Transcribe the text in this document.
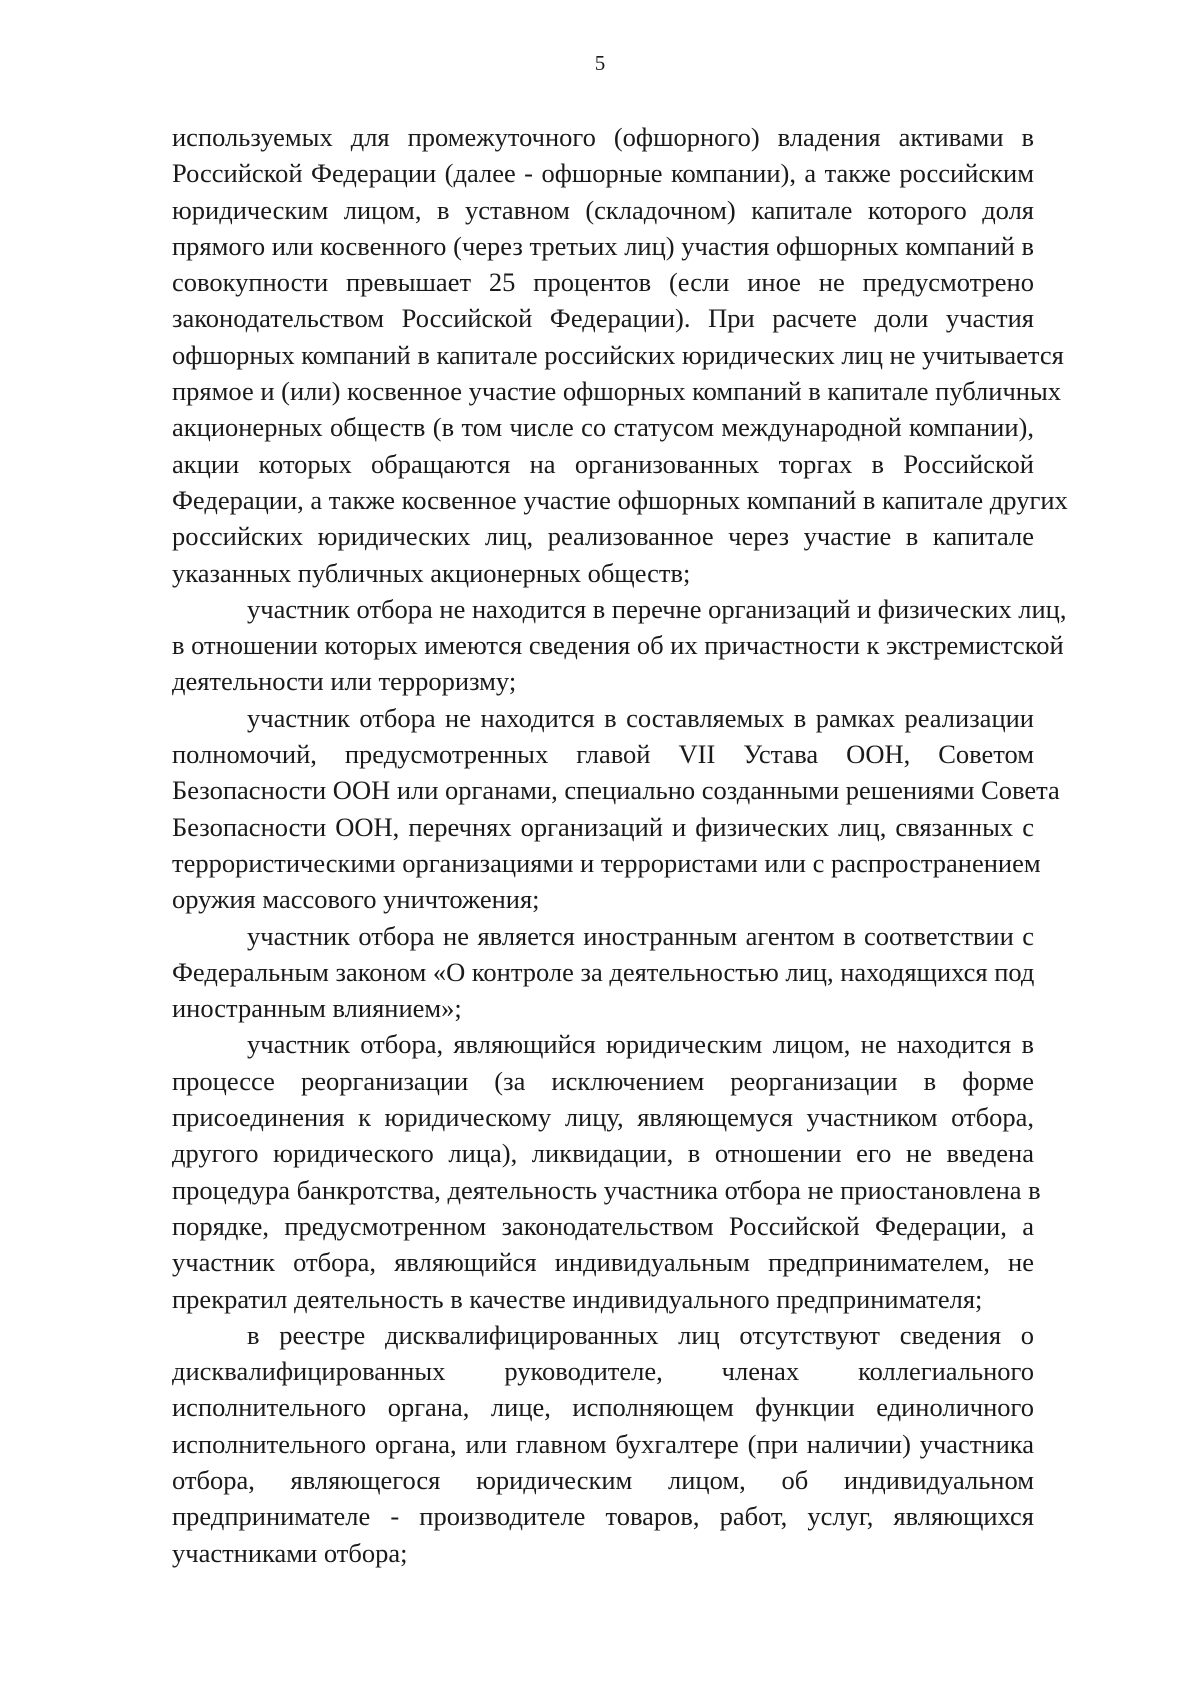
5
используемых для промежуточного (офшорного) владения активами в
Российской Федерации (далее - офшорные компании), а также российским
юридическим лицом, в уставном (складочном) капитале которого доля
прямого или косвенного (через третьих лиц) участия офшорных компаний в
совокупности превышает 25 процентов (если иное не предусмотрено
законодательством Российской Федерации). При расчете доли участия
офшорных компаний в капитале российских юридических лиц не учитывается
прямое и (или) косвенное участие офшорных компаний в капитале публичных
акционерных обществ (в том числе со статусом международной компании),
акции которых обращаются на организованных торгах в Российской
Федерации, а также косвенное участие офшорных компаний в капитале других
российских юридических лиц, реализованное через участие в капитале
указанных публичных акционерных обществ;
участник отбора не находится в перечне организаций и физических лиц,
в отношении которых имеются сведения об их причастности к экстремистской
деятельности или терроризму;
участник отбора не находится в составляемых в рамках реализации
полномочий, предусмотренных главой VII Устава ООН, Советом
Безопасности ООН или органами, специально созданными решениями Совета
Безопасности ООН, перечнях организаций и физических лиц, связанных с
террористическими организациями и террористами или с распространением
оружия массового уничтожения;
участник отбора не является иностранным агентом в соответствии с
Федеральным законом «О контроле за деятельностью лиц, находящихся под
иностранным влиянием»;
участник отбора, являющийся юридическим лицом, не находится в
процессе реорганизации (за исключением реорганизации в форме
присоединения к юридическому лицу, являющемуся участником отбора,
другого юридического лица), ликвидации, в отношении его не введена
процедура банкротства, деятельность участника отбора не приостановлена в
порядке, предусмотренном законодательством Российской Федерации, а
участник отбора, являющийся индивидуальным предпринимателем, не
прекратил деятельность в качестве индивидуального предпринимателя;
в реестре дисквалифицированных лиц отсутствуют сведения о
дисквалифицированных руководителе, членах коллегиального
исполнительного органа, лице, исполняющем функции единоличного
исполнительного органа, или главном бухгалтере (при наличии) участника
отбора, являющегося юридическим лицом, об индивидуальном
предпринимателе - производителе товаров, работ, услуг, являющихся
участниками отбора;
